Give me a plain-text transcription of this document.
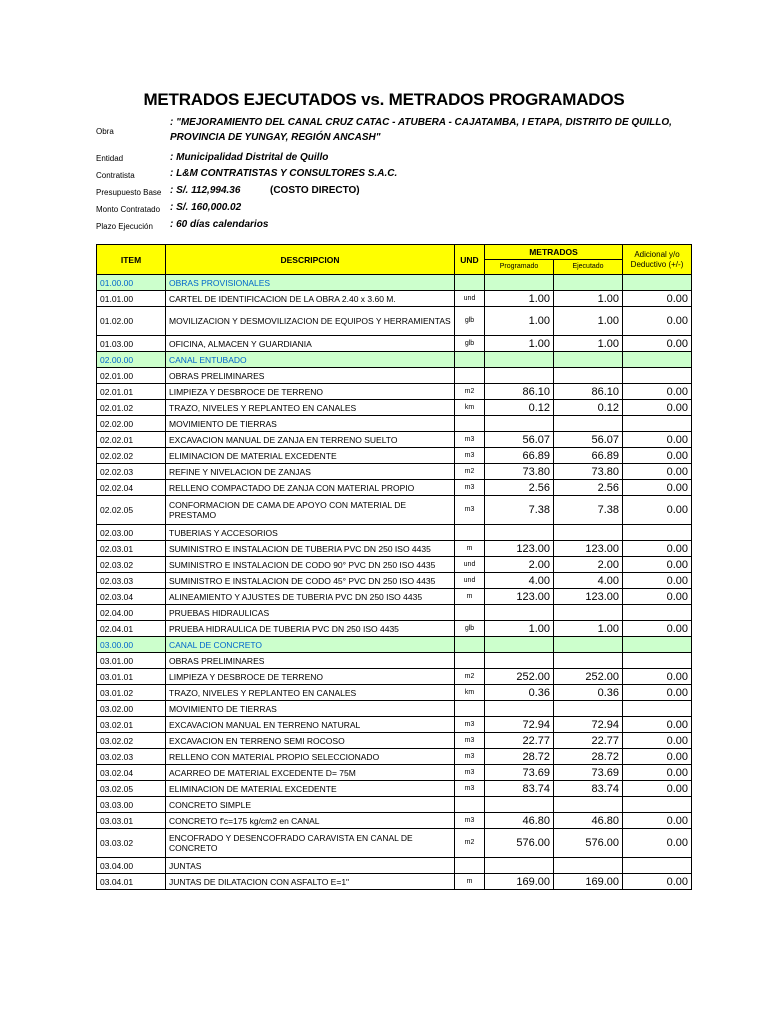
METRADOS EJECUTADOS vs. METRADOS PROGRAMADOS
Obra
: "MEJORAMIENTO DEL CANAL CRUZ CATAC - ATUBERA - CAJATAMBA, I ETAPA, DISTRITO DE QUILLO,
PROVINCIA DE YUNGAY, REGIÓN ANCASH"
Entidad	: Municipalidad Distrital de Quillo
Contratista	: L&M CONTRATISTAS Y CONSULTORES S.A.C.
Presupuesto Base : S/. 112,994.36	(COSTO DIRECTO)
Monto Contratado : S/. 160,000.02
Plazo Ejecución : 60 días calendarios
ITEM	DESCRIPCION	UND	METRADOS		Adicional y/o Deductivo (+/-)
			Programado	Ejecutado	
01.00.00	OBRAS PROVISIONALES				
01.01.00	CARTEL DE IDENTIFICACION DE LA OBRA 2.40 x 3.60 M.	und	1.00	1.00	0.00
01.02.00	MOVILIZACION Y DESMOVILIZACION DE EQUIPOS Y HERRAMIENTAS	glb	1.00	1.00	0.00
01.03.00	OFICINA, ALMACEN Y GUARDIANIA	glb	1.00	1.00	0.00
02.00.00	CANAL ENTUBADO				
02.01.00	OBRAS PRELIMINARES				
02.01.01	LIMPIEZA Y DESBROCE DE TERRENO	m2	86.10	86.10	0.00
02.01.02	TRAZO, NIVELES Y REPLANTEO EN CANALES	km	0.12	0.12	0.00
02.02.00	MOVIMIENTO DE TIERRAS				
02.02.01	EXCAVACION MANUAL DE ZANJA EN TERRENO SUELTO	m3	56.07	56.07	0.00
02.02.02	ELIMINACION DE MATERIAL EXCEDENTE	m3	66.89	66.89	0.00
02.02.03	REFINE Y NIVELACION DE ZANJAS	m2	73.80	73.80	0.00
02.02.04	RELLENO COMPACTADO DE ZANJA CON MATERIAL PROPIO	m3	2.56	2.56	0.00
02.02.05	CONFORMACION DE CAMA DE APOYO CON MATERIAL DE PRESTAMO	m3	7.38	7.38	0.00
02.03.00	TUBERIAS Y ACCESORIOS				
02.03.01	SUMINISTRO E INSTALACION DE TUBERIA PVC DN 250 ISO 4435	m	123.00	123.00	0.00
02.03.02	SUMINISTRO E INSTALACION DE CODO 90° PVC DN 250 ISO 4435	und	2.00	2.00	0.00
02.03.03	SUMINISTRO E INSTALACION DE CODO 45° PVC DN 250 ISO 4435	und	4.00	4.00	0.00
02.03.04	ALINEAMIENTO Y AJUSTES DE TUBERIA PVC DN 250 ISO 4435	m	123.00	123.00	0.00
02.04.00	PRUEBAS HIDRAULICAS				
02.04.01	PRUEBA HIDRAULICA DE TUBERIA PVC DN 250 ISO 4435	glb	1.00	1.00	0.00
03.00.00	CANAL DE CONCRETO				
03.01.00	OBRAS PRELIMINARES				
03.01.01	LIMPIEZA Y DESBROCE DE TERRENO	m2	252.00	252.00	0.00
03.01.02	TRAZO, NIVELES Y REPLANTEO EN CANALES	km	0.36	0.36	0.00
03.02.00	MOVIMIENTO DE TIERRAS				
03.02.01	EXCAVACION MANUAL EN TERRENO NATURAL	m3	72.94	72.94	0.00
03.02.02	EXCAVACION EN TERRENO SEMI ROCOSO	m3	22.77	22.77	0.00
03.02.03	RELLENO CON MATERIAL PROPIO SELECCIONADO	m3	28.72	28.72	0.00
03.02.04	ACARREO DE MATERIAL EXCEDENTE D= 75M	m3	73.69	73.69	0.00
03.02.05	ELIMINACION DE MATERIAL EXCEDENTE	m3	83.74	83.74	0.00
03.03.00	CONCRETO SIMPLE				
03.03.01	CONCRETO f'c=175 kg/cm2 en CANAL	m3	46.80	46.80	0.00
03.03.02	ENCOFRADO Y DESENCOFRADO CARAVISTA EN CANAL DE CONCRETO	m2	576.00	576.00	0.00
03.04.00	JUNTAS				
03.04.01	JUNTAS DE DILATACION CON ASFALTO E=1"	m	169.00	169.00	0.00
